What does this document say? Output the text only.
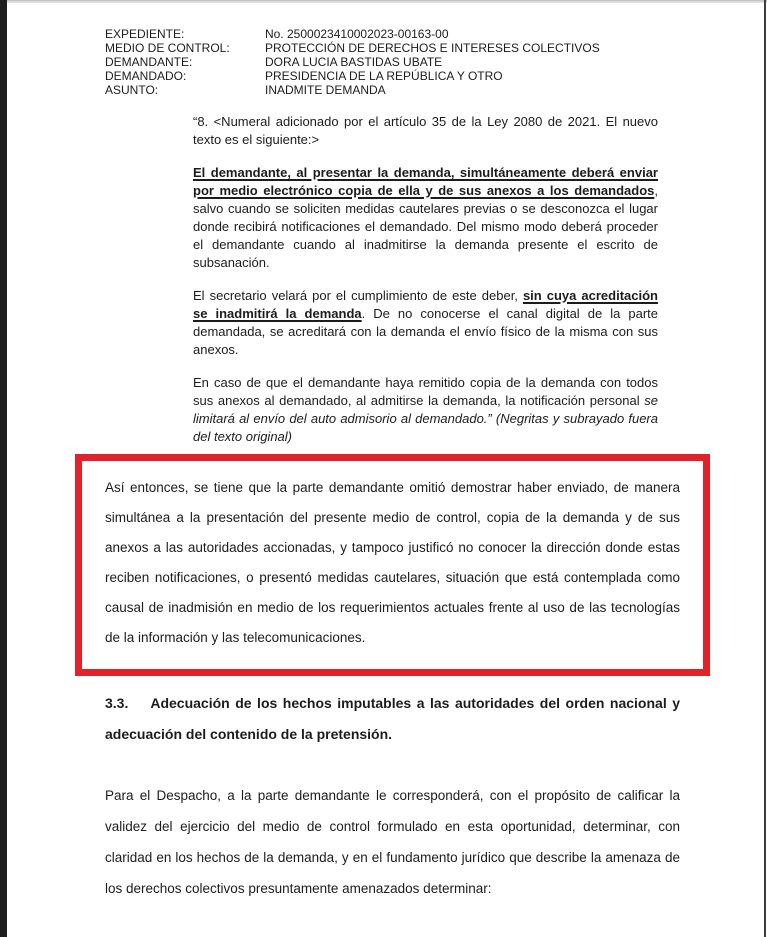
EXPEDIENTE:	No. 2500023410002023-00163-00
MEDIO DE CONTROL:	PROTECCIÓN DE DERECHOS E INTERESES COLECTIVOS
DEMANDANTE:	DORA LUCIA BASTIDAS UBATE
DEMANDADO:	PRESIDENCIA DE LA REPÚBLICA Y OTRO
ASUNTO:	INADMITE DEMANDA

“8. <Numeral adicionado por el artículo 35 de la Ley 2080 de 2021. El nuevo texto es el siguiente:>

El demandante, al presentar la demanda, simultáneamente deberá enviar por medio electrónico copia de ella y de sus anexos a los demandados, salvo cuando se soliciten medidas cautelares previas o se desconozca el lugar donde recibirá notificaciones el demandado. Del mismo modo deberá proceder el demandante cuando al inadmitirse la demanda presente el escrito de subsanación.

El secretario velará por el cumplimiento de este deber, sin cuya acreditación se inadmitirá la demanda. De no conocerse el canal digital de la parte demandada, se acreditará con la demanda el envío físico de la misma con sus anexos.

En caso de que el demandante haya remitido copia de la demanda con todos sus anexos al demandado, al admitirse la demanda, la notificación personal se limitará al envío del auto admisorio al demandado.” (Negritas y subrayado fuera del texto original)

Así entonces, se tiene que la parte demandante omitió demostrar haber enviado, de manera simultánea a la presentación del presente medio de control, copia de la demanda y de sus anexos a las autoridades accionadas, y tampoco justificó no conocer la dirección donde estas reciben notificaciones, o presentó medidas cautelares, situación que está contemplada como causal de inadmisión en medio de los requerimientos actuales frente al uso de las tecnologías de la información y las telecomunicaciones.

3.3. Adecuación de los hechos imputables a las autoridades del orden nacional y adecuación del contenido de la pretensión.

Para el Despacho, a la parte demandante le corresponderá, con el propósito de calificar la validez del ejercicio del medio de control formulado en esta oportunidad, determinar, con claridad en los hechos de la demanda, y en el fundamento jurídico que describe la amenaza de los derechos colectivos presuntamente amenazados determinar:
